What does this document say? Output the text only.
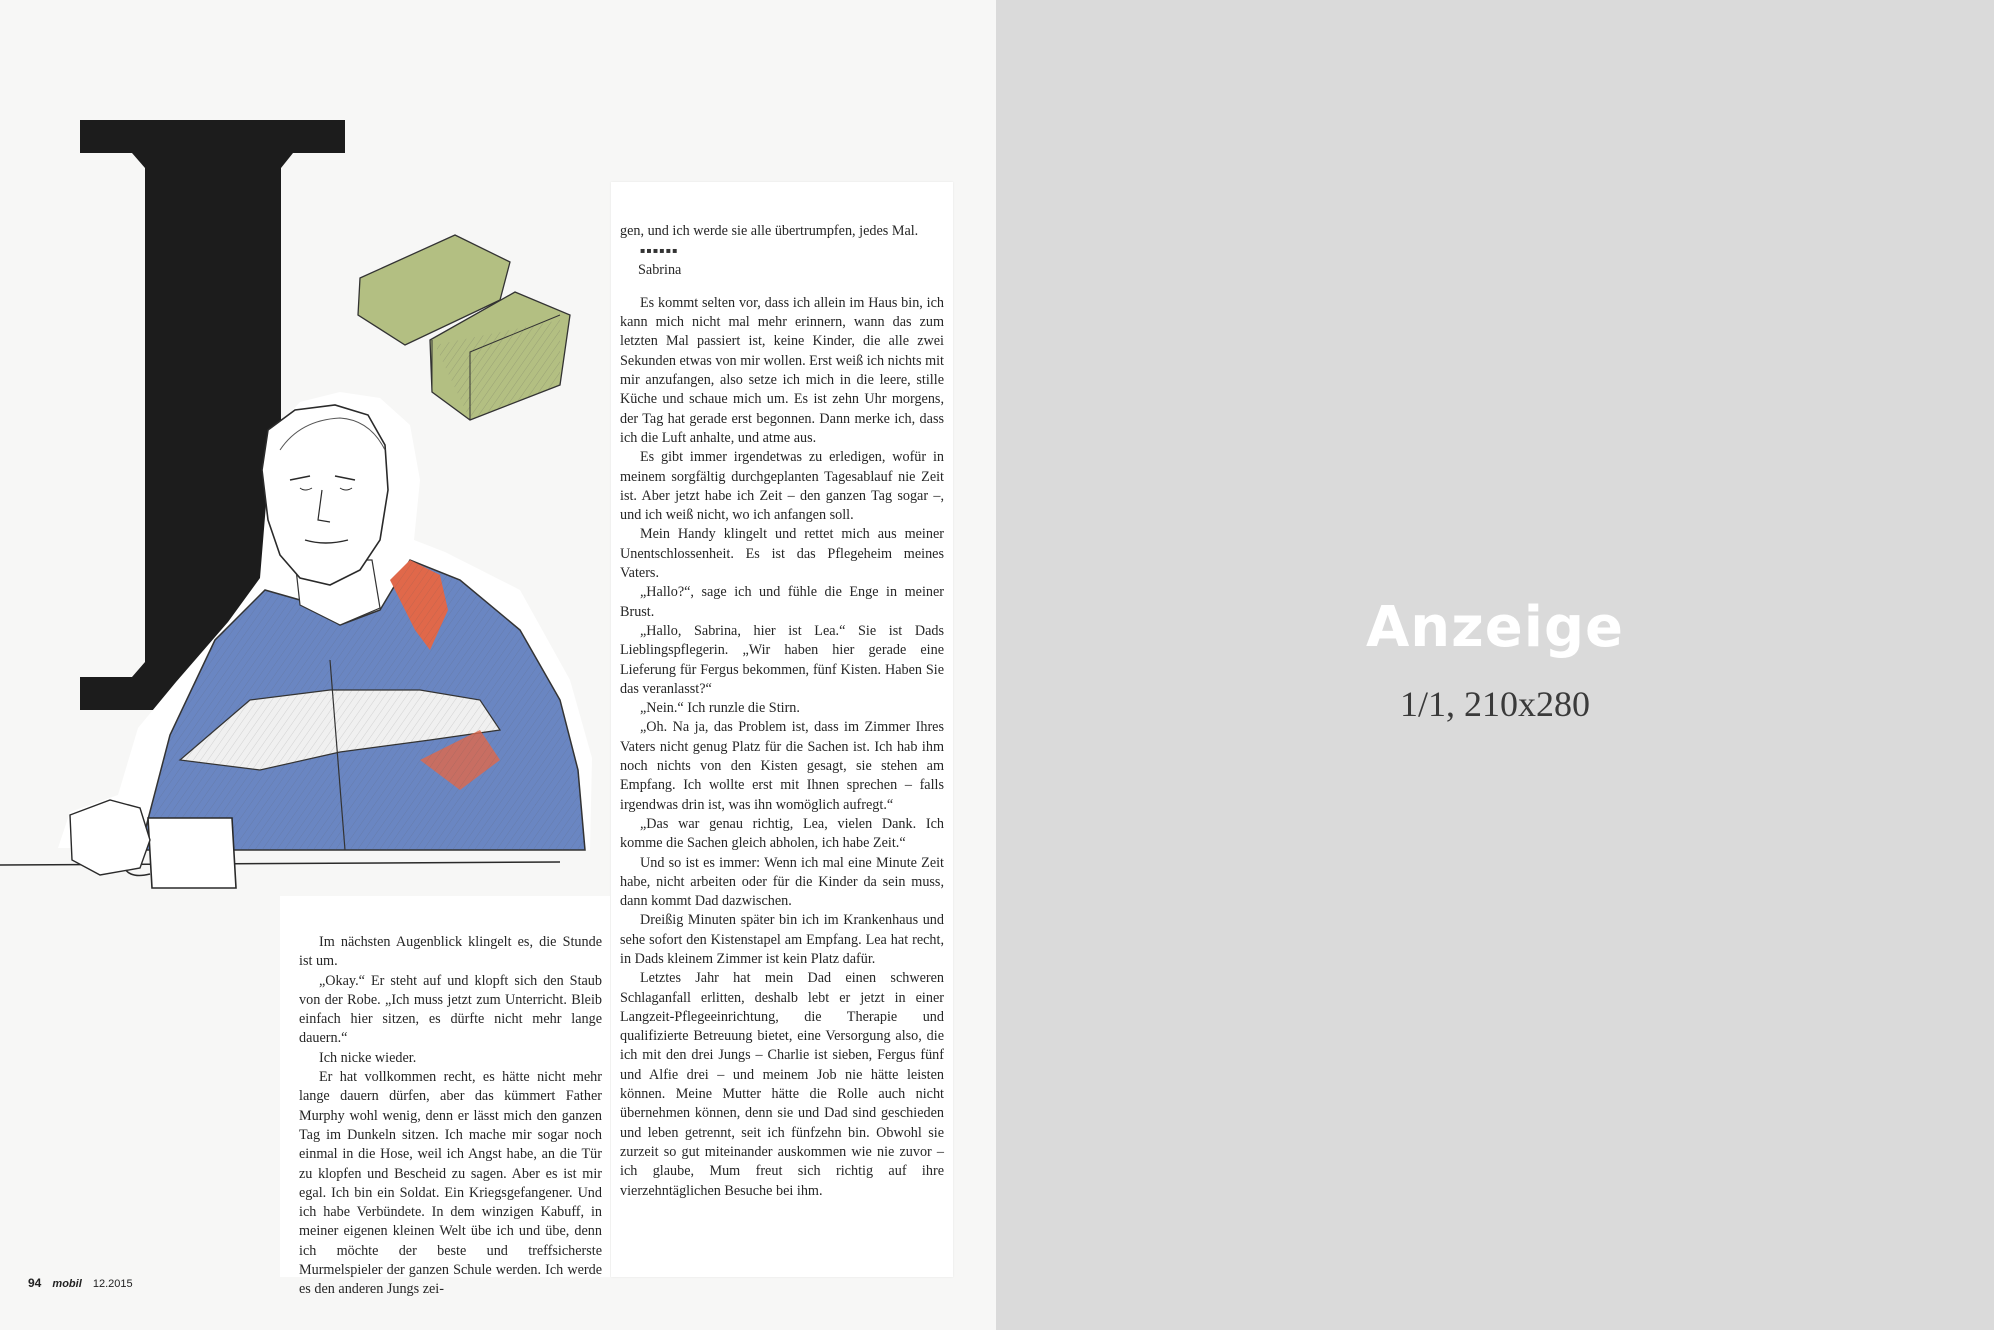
gen, und ich werde sie alle übertrumpfen, jedes Mal.

▪▪▪▪▪▪

Sabrina

Es kommt selten vor, dass ich allein im Haus bin, ich kann mich nicht mal mehr erinnern, wann das zum letzten Mal passiert ist, keine Kinder, die alle zwei Sekunden etwas von mir wollen. Erst weiß ich nichts mit mir anzufangen, also setze ich mich in die leere, stille Küche und schaue mich um. Es ist zehn Uhr morgens, der Tag hat gerade erst begonnen. Dann merke ich, dass ich die Luft anhalte, und atme aus.

Es gibt immer irgendetwas zu erledigen, wofür in meinem sorgfältig durchgeplanten Tagesablauf nie Zeit ist. Aber jetzt habe ich Zeit – den ganzen Tag sogar –, und ich weiß nicht, wo ich anfangen soll.

Mein Handy klingelt und rettet mich aus meiner Unentschlossenheit. Es ist das Pflegeheim meines Vaters.

„Hallo?“, sage ich und fühle die Enge in meiner Brust.

„Hallo, Sabrina, hier ist Lea.“ Sie ist Dads Lieblingspflegerin. „Wir haben hier gerade eine Lieferung für Fergus bekommen, fünf Kisten. Haben Sie das veranlasst?“

„Nein.“ Ich runzle die Stirn.

„Oh. Na ja, das Problem ist, dass im Zimmer Ihres Vaters nicht genug Platz für die Sachen ist. Ich hab ihm noch nichts von den Kisten gesagt, sie stehen am Empfang. Ich wollte erst mit Ihnen sprechen – falls irgendwas drin ist, was ihn womöglich aufregt.“

„Das war genau richtig, Lea, vielen Dank. Ich komme die Sachen gleich abholen, ich habe Zeit.“

Und so ist es immer: Wenn ich mal eine Minute Zeit habe, nicht arbeiten oder für die Kinder da sein muss, dann kommt Dad dazwischen.

Dreißig Minuten später bin ich im Krankenhaus und sehe sofort den Kistenstapel am Empfang. Lea hat recht, in Dads kleinem Zimmer ist kein Platz dafür.

Letztes Jahr hat mein Dad einen schweren Schlaganfall erlitten, deshalb lebt er jetzt in einer Langzeit-Pflegeeinrichtung, die Therapie und qualifizierte Betreuung bietet, eine Versorgung also, die ich mit den drei Jungs – Charlie ist sieben, Fergus fünf und Alfie drei – und meinem Job nie hätte leisten können. Meine Mutter hätte die Rolle auch nicht übernehmen können, denn sie und Dad sind geschieden und leben getrennt, seit ich fünfzehn bin. Obwohl sie zurzeit so gut miteinander auskommen wie nie zuvor – ich glaube, Mum freut sich richtig auf ihre vierzehntäglichen Besuche bei ihm.

Im nächsten Augenblick klingelt es, die Stunde ist um.

„Okay.“ Er steht auf und klopft sich den Staub von der Robe. „Ich muss jetzt zum Unterricht. Bleib einfach hier sitzen, es dürfte nicht mehr lange dauern.“

Ich nicke wieder.

Er hat vollkommen recht, es hätte nicht mehr lange dauern dürfen, aber das kümmert Father Murphy wohl wenig, denn er lässt mich den ganzen Tag im Dunkeln sitzen. Ich mache mir sogar noch einmal in die Hose, weil ich Angst habe, an die Tür zu klopfen und Bescheid zu sagen. Aber es ist mir egal. Ich bin ein Soldat. Ein Kriegsgefangener. Und ich habe Verbündete. In dem winzigen Kabuff, in meiner eigenen kleinen Welt übe ich und übe, denn ich möchte der beste und treffsicherste Murmelspieler der ganzen Schule werden. Ich werde es den anderen Jungs zei-

94 mobil 12.2015
Anzeige
1/1, 210x280
